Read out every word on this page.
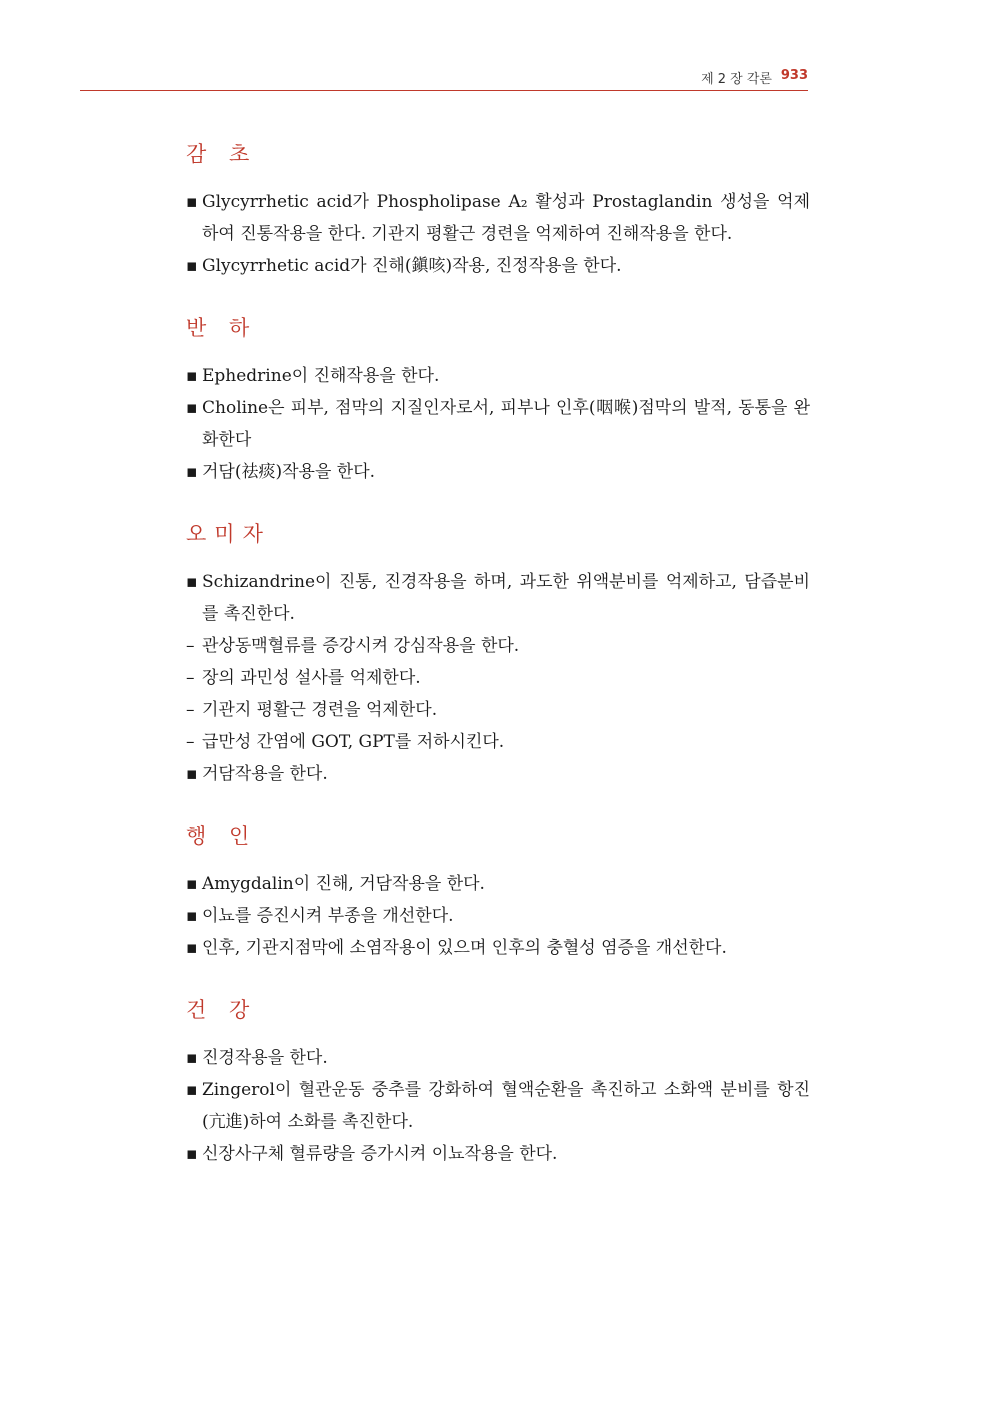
제 2 장 각론 933
감 초

▪ Glycyrrhetic acid가 Phospholipase A₂ 활성과 Prostaglandin 생성을 억제하여 진통작용을 한다. 기관지 평활근 경련을 억제하여 진해작용을 한다.

▪ Glycyrrhetic acid가 진해(鎭咳)작용, 진정작용을 한다.

반 하

▪ Ephedrine이 진해작용을 한다.

▪ Choline은 피부, 점막의 지질인자로서, 피부나 인후(咽喉)점막의 발적, 동통을 완화한다

▪ 거담(祛痰)작용을 한다.

오미자

▪ Schizandrine이 진통, 진경작용을 하며, 과도한 위액분비를 억제하고, 담즙분비를 촉진한다.

– 관상동맥혈류를 증강시켜 강심작용을 한다.

– 장의 과민성 설사를 억제한다.

– 기관지 평활근 경련을 억제한다.

– 급만성 간염에 GOT, GPT를 저하시킨다.

▪ 거담작용을 한다.

행 인

▪ Amygdalin이 진해, 거담작용을 한다.

▪ 이뇨를 증진시켜 부종을 개선한다.

▪ 인후, 기관지점막에 소염작용이 있으며 인후의 충혈성 염증을 개선한다.

건 강

▪ 진경작용을 한다.

▪ Zingerol이 혈관운동 중추를 강화하여 혈액순환을 촉진하고 소화액 분비를 항진(亢進)하여 소화를 촉진한다.

▪ 신장사구체 혈류량을 증가시켜 이뇨작용을 한다.
